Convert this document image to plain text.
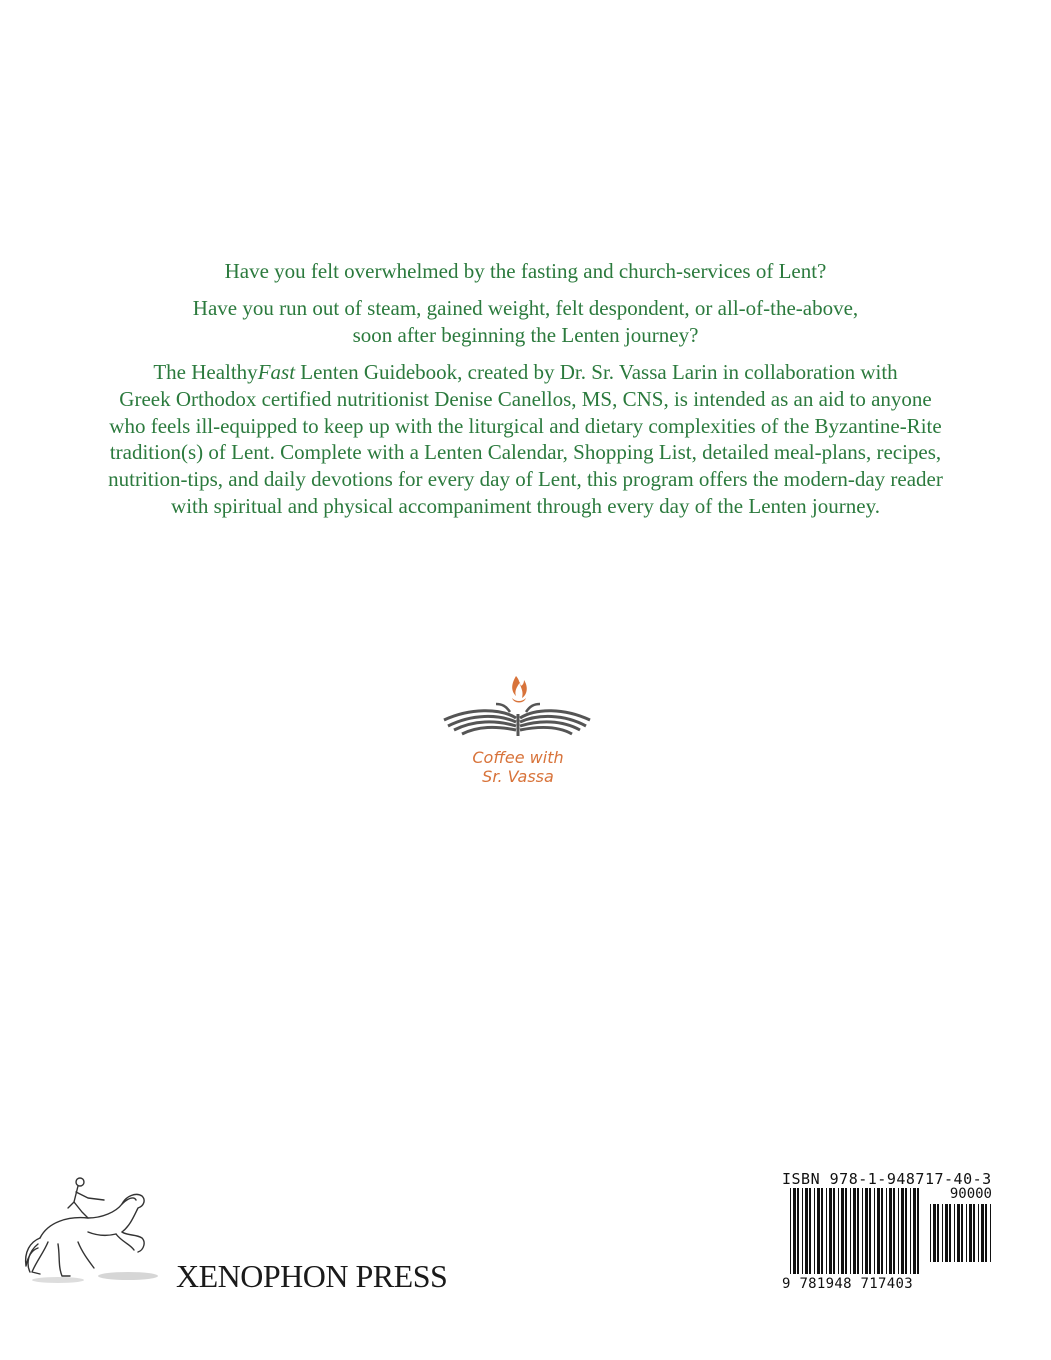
Have you felt overwhelmed by the fasting and church-services of Lent?

Have you run out of steam, gained weight, felt despondent, or all-of-the-above,
soon after beginning the Lenten journey?

The HealthyFast Lenten Guidebook, created by Dr. Sr. Vassa Larin in collaboration with
Greek Orthodox certified nutritionist Denise Canellos, MS, CNS, is intended as an aid to anyone
who feels ill-equipped to keep up with the liturgical and dietary complexities of the Byzantine-Rite
tradition(s) of Lent. Complete with a Lenten Calendar, Shopping List, detailed meal-plans, recipes,
nutrition-tips, and daily devotions for every day of Lent, this program offers the modern-day reader
with spiritual and physical accompaniment through every day of the Lenten journey.

Coffee with
Sr. Vassa
XENOPHON PRESS
ISBN 978-1-948717-40-3
90000
9 781948 717403
